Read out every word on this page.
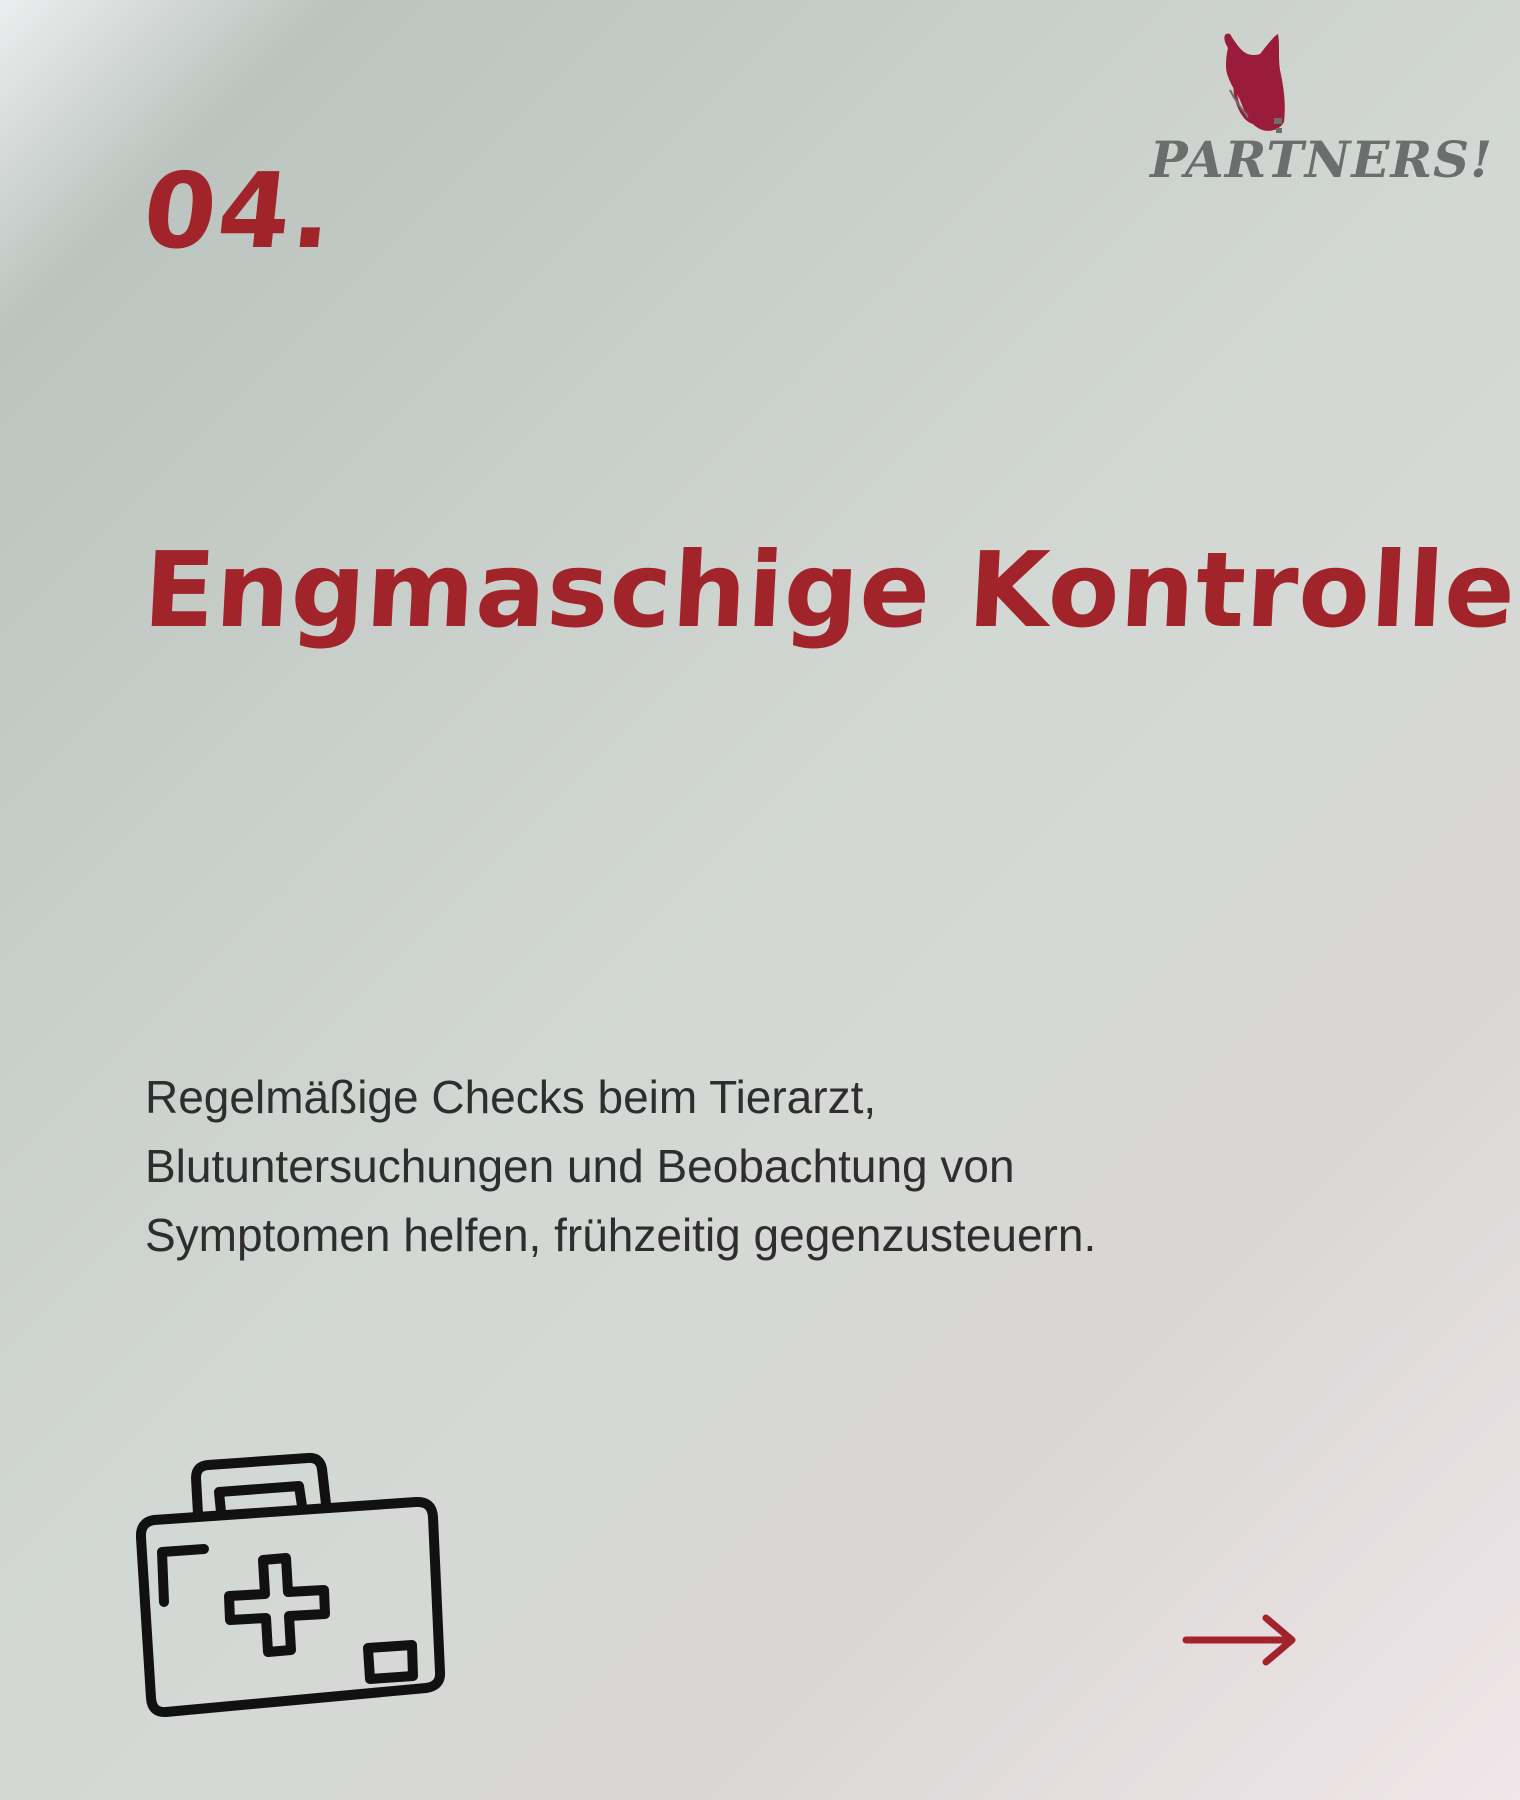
04.	PARTNERS!
Engmaschige Kontrolle
Regelmäßige Checks beim Tierarzt,
Blutuntersuchungen und Beobachtung von
Symptomen helfen, frühzeitig gegenzusteuern.
